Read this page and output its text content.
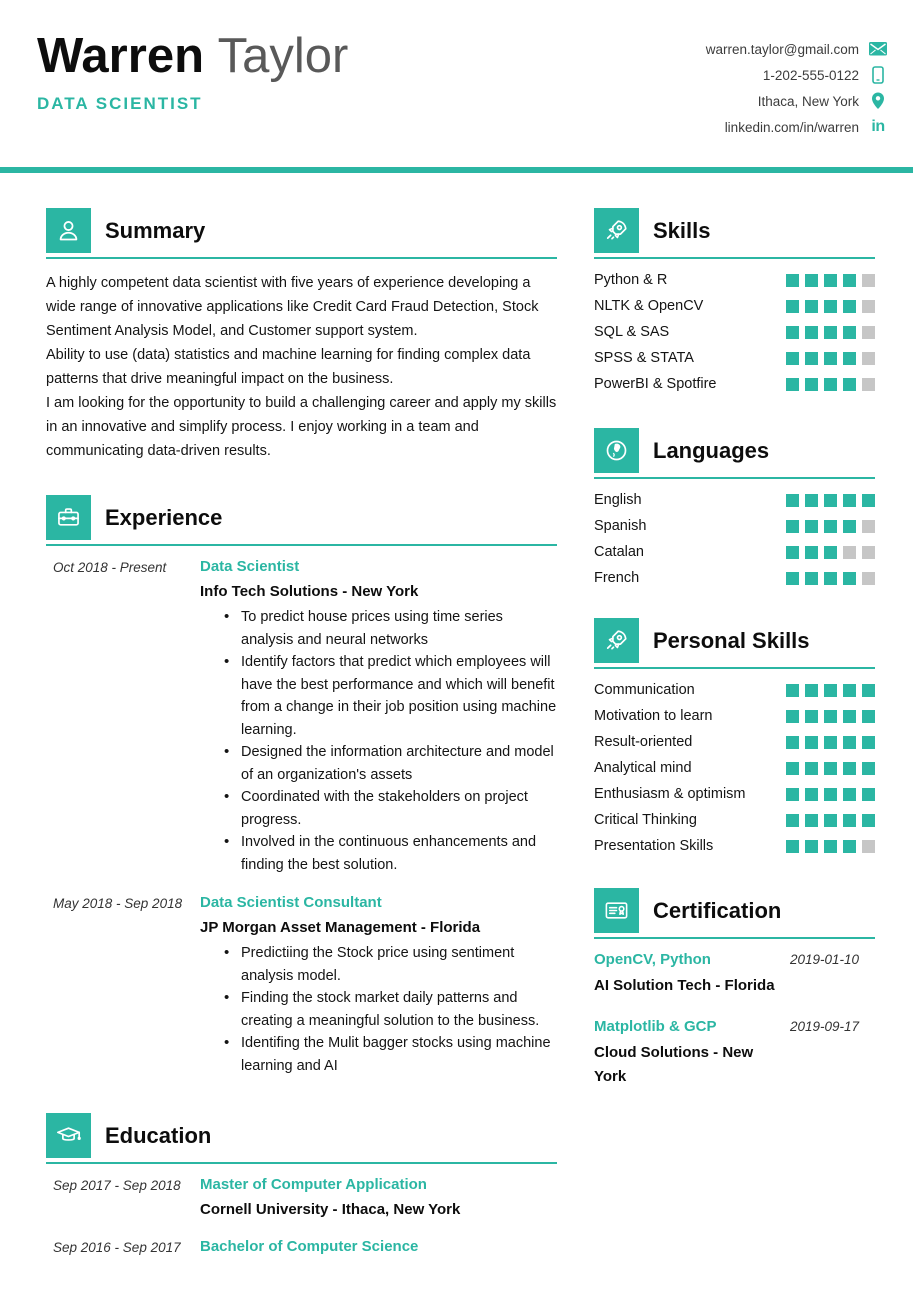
Warren Taylor
DATA SCIENTIST
warren.taylor@gmail.com
1-202-555-0122
Ithaca, New York
linkedin.com/in/warren in
Summary

A highly competent data scientist with five years of experience developing a wide range of innovative applications like Credit Card Fraud Detection, Stock Sentiment Analysis Model, and Customer support system.

Ability to use (data) statistics and machine learning for finding complex data patterns that drive meaningful impact on the business.

I am looking for the opportunity to build a challenging career and apply my skills in an innovative and simplify process. I enjoy working in a team and communicating data-driven results.

Experience
Oct 2018 - Present	Data Scientist
Info Tech Solutions - New York
• To predict house prices using time series analysis and neural networks
• Identify factors that predict which employees will have the best performance and which will benefit from a change in their job position using machine learning.
• Designed the information architecture and model of an organization's assets
• Coordinated with the stakeholders on project progress.
• Involved in the continuous enhancements and finding the best solution.
May 2018 - Sep 2018	Data Scientist Consultant
JP Morgan Asset Management - Florida
• Predictiing the Stock price using sentiment analysis model.
• Finding the stock market daily patterns and creating a meaningful solution to the business.
• Identifing the Mulit bagger stocks using machine learning and AI
Education
Sep 2017 - Sep 2018	Master of Computer Application
Cornell University - Ithaca, New York
Sep 2016 - Sep 2017	Bachelor of Computer Science
Skills
Python & R
NLTK & OpenCV
SQL & SAS
SPSS & STATA
PowerBI & Spotfire
Languages
English
Spanish
Catalan
French
Personal Skills
Communication
Motivation to learn
Result-oriented
Analytical mind
Enthusiasm & optimism
Critical Thinking
Presentation Skills
Certification
OpenCV, Python	2019-01-10
AI Solution Tech - Florida
Matplotlib & GCP	2019-09-17
Cloud Solutions - New York
